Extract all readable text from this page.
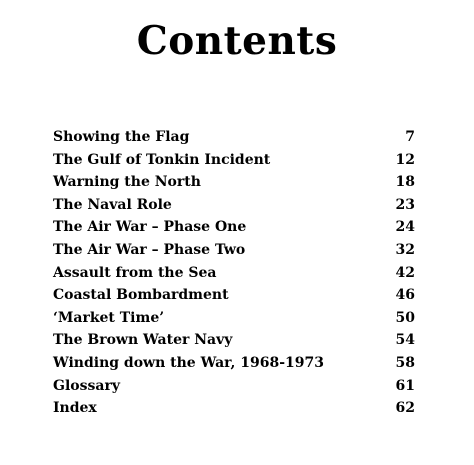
Contents
Showing the Flag	7
The Gulf of Tonkin Incident	12
Warning the North	18
The Naval Role	23
The Air War – Phase One	24
The Air War – Phase Two	32
Assault from the Sea	42
Coastal Bombardment	46
‘Market Time’	50
The Brown Water Navy	54
Winding down the War, 1968-1973	58
Glossary	61
Index	62
